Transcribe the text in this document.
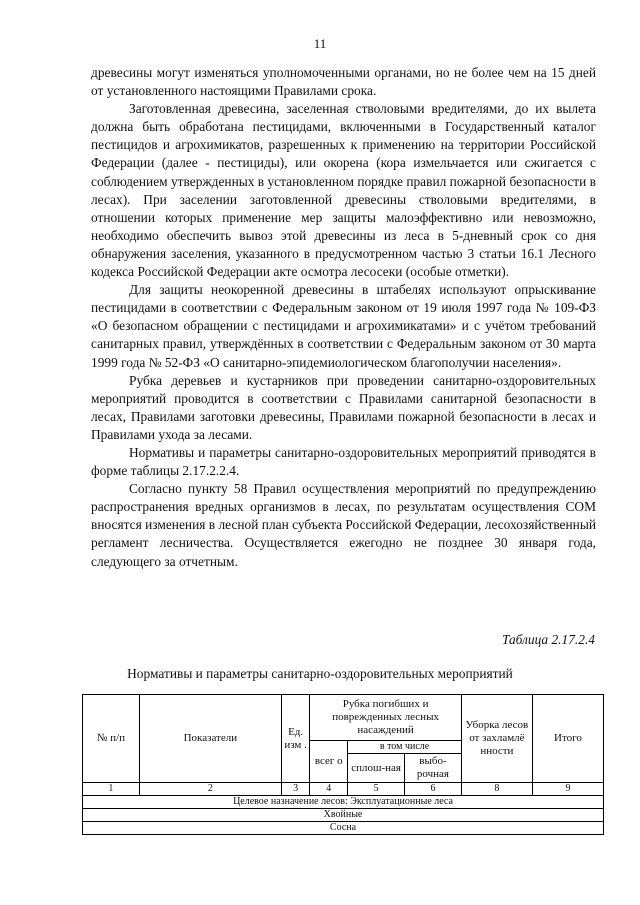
11

древесины могут изменяться уполномоченными органами, но не более чем на 15 дней от установленного настоящими Правилами срока.

Заготовленная древесина, заселенная стволовыми вредителями, до их вылета должна быть обработана пестицидами, включенными в Государственный каталог пестицидов и агрохимикатов, разрешенных к применению на территории Российской Федерации (далее - пестициды), или окорена (кора измельчается или сжигается с соблюдением утвержденных в установленном порядке правил пожарной безопасности в лесах). При заселении заготовленной древесины стволовыми вредителями, в отношении которых применение мер защиты малоэффективно или невозможно, необходимо обеспечить вывоз этой древесины из леса в 5-дневный срок со дня обнаружения заселения, указанного в предусмотренном частью 3 статьи 16.1 Лесного кодекса Российской Федерации акте осмотра лесосеки (особые отметки).

Для защиты неокоренной древесины в штабелях используют опрыскивание пестицидами в соответствии с Федеральным законом от 19 июля 1997 года № 109-ФЗ «О безопасном обращении с пестицидами и агрохимикатами» и с учётом требований санитарных правил, утверждённых в соответствии с Федеральным законом от 30 марта 1999 года № 52-ФЗ «О санитарно-эпидемиологическом благополучии населения».

Рубка деревьев и кустарников при проведении санитарно-оздоровительных мероприятий проводится в соответствии с Правилами санитарной безопасности в лесах, Правилами заготовки древесины, Правилами пожарной безопасности в лесах и Правилами ухода за лесами.

Нормативы и параметры санитарно-оздоровительных мероприятий приводятся в форме таблицы 2.17.2.2.4.

Согласно пункту 58 Правил осуществления мероприятий по предупреждению распространения вредных организмов в лесах, по результатам осуществления СОМ вносятся изменения в лесной план субъекта Российской Федерации, лесохозяйственный регламент лесничества. Осуществляется ежегодно не позднее 30 января года, следующего за отчетным.

Таблица 2.17.2.4
Нормативы и параметры санитарно-оздоровительных мероприятий
№ п/п	Показатели	Ед. изм .	Рубка погибших и поврежденных лесных насаждений			Уборка лесов от захламлё нности	Итого
			всег о	в том числе			
				сплош-ная	выбо-рочная		
1	2	3	4	5	6	8	9
Целевое назначение лесов: Эксплуатационные леса							
Хвойные							
Сосна							
